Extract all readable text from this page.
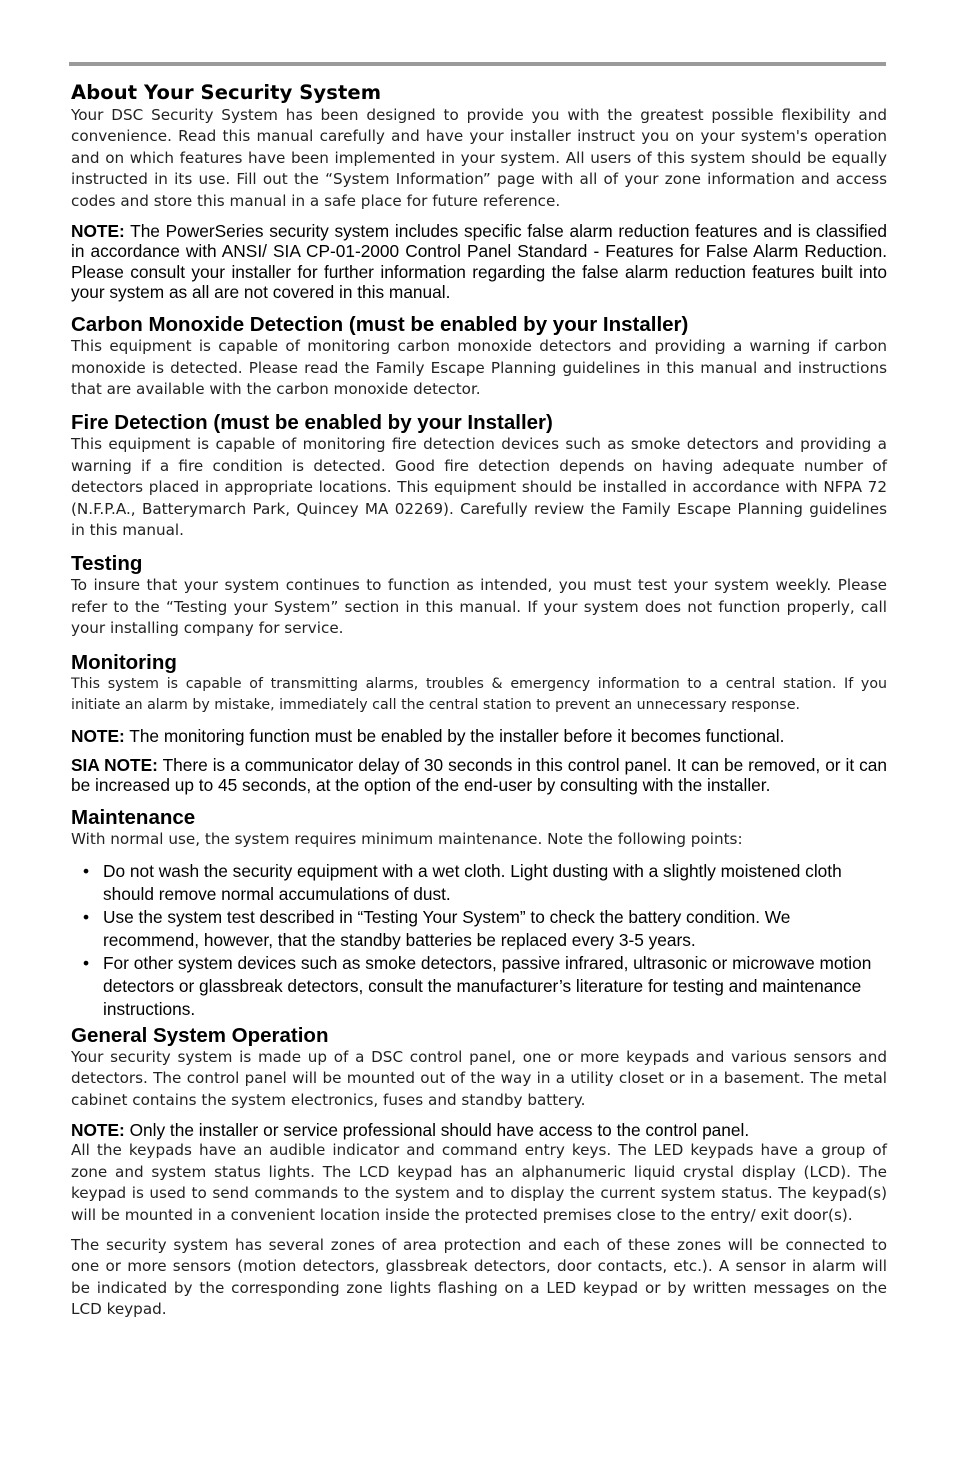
About Your Security System

Your DSC Security System has been designed to provide you with the greatest possible flexibility and convenience. Read this manual carefully and have your installer instruct you on your system's operation and on which features have been implemented in your system. All users of this system should be equally instructed in its use. Fill out the “System Information” page with all of your zone information and access codes and store this manual in a safe place for future reference.

NOTE: The PowerSeries security system includes specific false alarm reduction features and is classified in accordance with ANSI/ SIA CP-01-2000 Control Panel Standard - Features for False Alarm Reduction. Please consult your installer for further information regarding the false alarm reduction features built into your system as all are not covered in this manual.

Carbon Monoxide Detection (must be enabled by your Installer)

This equipment is capable of monitoring carbon monoxide detectors and providing a warning if carbon monoxide is detected. Please read the Family Escape Planning guidelines in this manual and instructions that are available with the carbon monoxide detector.

Fire Detection (must be enabled by your Installer)

This equipment is capable of monitoring fire detection devices such as smoke detectors and providing a warning if a fire condition is detected. Good fire detection depends on having adequate number of detectors placed in appropriate locations. This equipment should be installed in accordance with NFPA 72 (N.F.P.A., Batterymarch Park, Quincey MA 02269). Carefully review the Family Escape Planning guidelines in this manual.

Testing

To insure that your system continues to function as intended, you must test your system weekly. Please refer to the “Testing your System” section in this manual. If your system does not function properly, call your installing company for service.

Monitoring

This system is capable of transmitting alarms, troubles & emergency information to a central station. If you initiate an alarm by mistake, immediately call the central station to prevent an unnecessary response.

NOTE: The monitoring function must be enabled by the installer before it becomes functional.

SIA NOTE: There is a communicator delay of 30 seconds in this control panel. It can be removed, or it can be increased up to 45 seconds, at the option of the end-user by consulting with the installer.

Maintenance

With normal use, the system requires minimum maintenance. Note the following points:

• Do not wash the security equipment with a wet cloth. Light dusting with a slightly moistened cloth should remove normal accumulations of dust.
• Use the system test described in “Testing Your System” to check the battery condition. We recommend, however, that the standby batteries be replaced every 3-5 years.
• For other system devices such as smoke detectors, passive infrared, ultrasonic or microwave motion detectors or glassbreak detectors, consult the manufacturer’s literature for testing and maintenance instructions.
General System Operation

Your security system is made up of a DSC control panel, one or more keypads and various sensors and detectors. The control panel will be mounted out of the way in a utility closet or in a basement. The metal cabinet contains the system electronics, fuses and standby battery.

NOTE: Only the installer or service professional should have access to the control panel.

All the keypads have an audible indicator and command entry keys. The LED keypads have a group of zone and system status lights. The LCD keypad has an alphanumeric liquid crystal display (LCD). The keypad is used to send commands to the system and to display the current system status. The keypad(s) will be mounted in a convenient location inside the protected premises close to the entry/ exit door(s).

The security system has several zones of area protection and each of these zones will be connected to one or more sensors (motion detectors, glassbreak detectors, door contacts, etc.). A sensor in alarm will be indicated by the corresponding zone lights flashing on a LED keypad or by written messages on the LCD keypad.
